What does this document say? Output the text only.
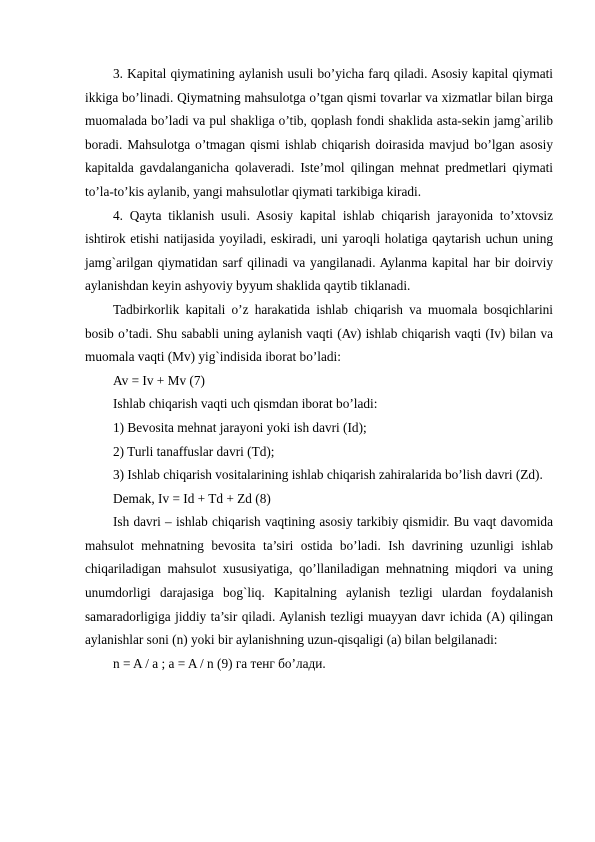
3. Kapital qiymatining aylanish usuli bo’yicha farq qiladi. Asosiy kapital qiymati ikkiga bo’linadi. Qiymatning mahsulotga o’tgan qismi tovarlar va xizmatlar bilan birga muomalada bo’ladi va pul shakliga o’tib, qoplash fondi shaklida asta-sekin jamg`arilib boradi. Mahsulotga o’tmagan qismi ishlab chiqarish doirasida mavjud bo’lgan asosiy kapitalda gavdalanganicha qolaveradi. Iste’mol qilingan mehnat predmetlari qiymati to’la-to’kis aylanib, yangi mahsulotlar qiymati tarkibiga kiradi.

4. Qayta tiklanish usuli. Asosiy kapital ishlab chiqarish jarayonida to’xtovsiz ishtirok etishi natijasida yoyiladi, eskiradi, uni yaroqli holatiga qaytarish uchun uning jamg`arilgan qiymatidan sarf qilinadi va yangilanadi. Aylanma kapital har bir doirviy aylanishdan keyin ashyoviy byyum shaklida qaytib tiklanadi.

Tadbirkorlik kapitali o’z harakatida ishlab chiqarish va muomala bosqichlarini bosib o’tadi. Shu sababli uning aylanish vaqti (Av) ishlab chiqarish vaqti (Iv) bilan va muomala vaqti (Mv) yig`indisida iborat bo’ladi:

Av = Iv + Mv (7)

Ishlab chiqarish vaqti uch qismdan iborat bo’ladi:

1) Bevosita mehnat jarayoni yoki ish davri (Id);

2) Turli tanaffuslar davri (Td);

3) Ishlab chiqarish vositalarining ishlab chiqarish zahiralarida bo’lish davri (Zd).

Demak, Iv = Id + Td + Zd (8)

Ish davri – ishlab chiqarish vaqtining asosiy tarkibiy qismidir. Bu vaqt davomida mahsulot mehnatning bevosita ta’siri ostida bo’ladi. Ish davrining uzunligi ishlab chiqariladigan mahsulot xususiyatiga, qo’llaniladigan mehnatning miqdori va uning unumdorligi darajasiga bog`liq. Kapitalning aylanish tezligi ulardan foydalanish samaradorligiga jiddiy ta’sir qiladi. Aylanish tezligi muayyan davr ichida (A) qilingan aylanishlar soni (n) yoki bir aylanishning uzun-qisqaligi (a) bilan belgilanadi:

n = A / a ; a = A / n (9) га тенг бо’лади.
